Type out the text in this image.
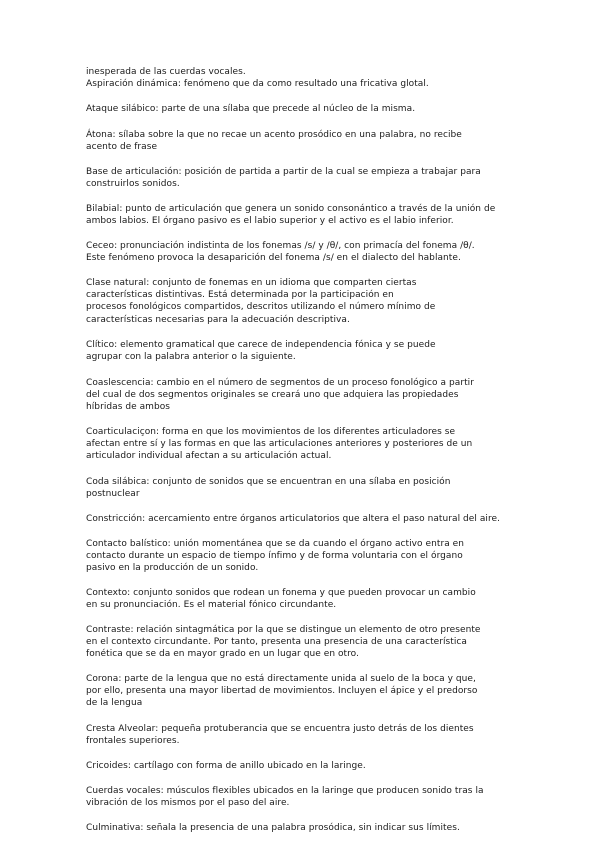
inesperada de las cuerdas vocales.
Aspiración dinámica: fenómeno que da como resultado una fricativa glotal.

Ataque silábico: parte de una sílaba que precede al núcleo de la misma.

Átona: sílaba sobre la que no recae un acento prosódico en una palabra, no recibe
acento de frase

Base de articulación: posición de partida a partir de la cual se empieza a trabajar para
construirlos sonidos.

Bilabial: punto de articulación que genera un sonido consonántico a través de la unión de
ambos labios. El órgano pasivo es el labio superior y el activo es el labio inferior.

Ceceo: pronunciación indistinta de los fonemas /s/ y /θ/, con primacía del fonema /θ/.
Este fenómeno provoca la desaparición del fonema /s/ en el dialecto del hablante.

Clase natural: conjunto de fonemas en un idioma que comparten ciertas
características distintivas. Está determinada por la participación en
procesos fonológicos compartidos, descritos utilizando el número mínimo de
características necesarias para la adecuación descriptiva.

Clítico: elemento gramatical que carece de independencia fónica y se puede
agrupar con la palabra anterior o la siguiente.

Coaslescencia: cambio en el número de segmentos de un proceso fonológico a partir
del cual de dos segmentos originales se creará uno que adquiera las propiedades
híbridas de ambos

Coarticulaciçon: forma en que los movimientos de los diferentes articuladores se
afectan entre sí y las formas en que las articulaciones anteriores y posteriores de un
articulador individual afectan a su articulación actual.

Coda silábica: conjunto de sonidos que se encuentran en una sílaba en posición
postnuclear

Constricción: acercamiento entre órganos articulatorios que altera el paso natural del aire.

Contacto balístico: unión momentánea que se da cuando el órgano activo entra en
contacto durante un espacio de tiempo ínfimo y de forma voluntaria con el órgano
pasivo en la producción de un sonido.

Contexto: conjunto sonidos que rodean un fonema y que pueden provocar un cambio
en su pronunciación. Es el material fónico circundante.

Contraste: relación sintagmática por la que se distingue un elemento de otro presente
en el contexto circundante. Por tanto, presenta una presencia de una característica
fonética que se da en mayor grado en un lugar que en otro.

Corona: parte de la lengua que no está directamente unida al suelo de la boca y que,
por ello, presenta una mayor libertad de movimientos. Incluyen el ápice y el predorso
de la lengua

Cresta Alveolar: pequeña protuberancia que se encuentra justo detrás de los dientes
frontales superiores.

Cricoides: cartílago con forma de anillo ubicado en la laringe.

Cuerdas vocales: músculos flexibles ubicados en la laringe que producen sonido tras la
vibración de los mismos por el paso del aire.

Culminativa: señala la presencia de una palabra prosódica, sin indicar sus límites.
